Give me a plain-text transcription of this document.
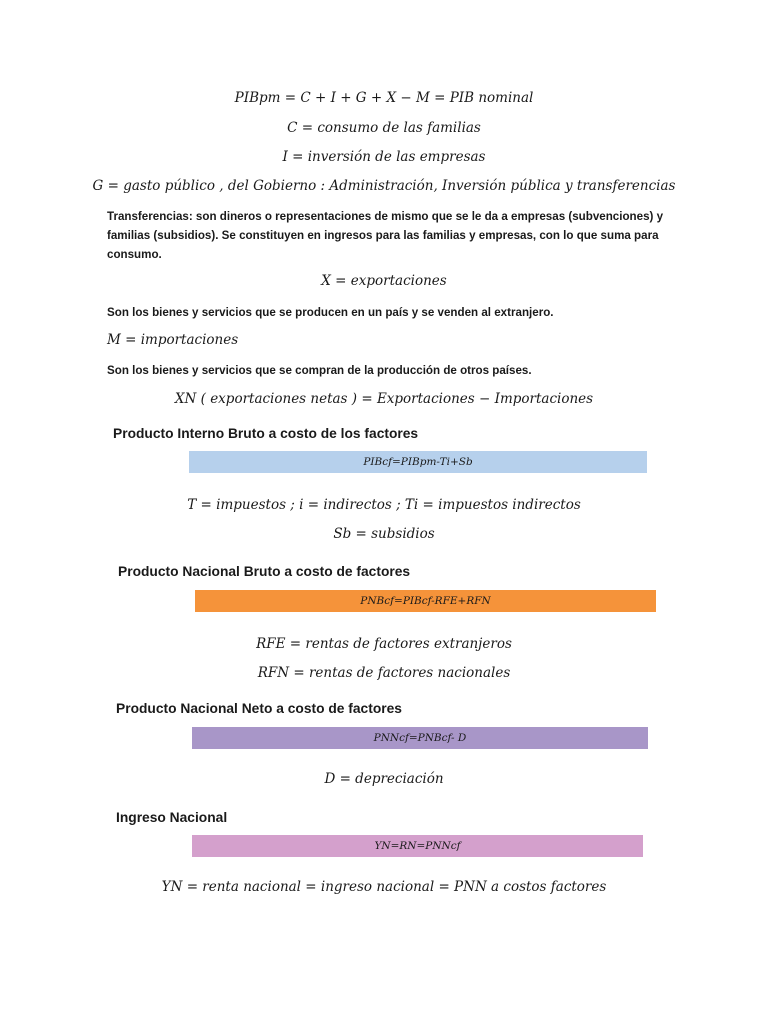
PIBpm = C + I + G + X − M = PIB nominal
C = consumo de las familias
I = inversión de las empresas
G = gasto público , del Gobierno : Administración, Inversión pública y transferencias
Transferencias: son dineros o representaciones de mismo que se le da a empresas (subvenciones) y familias (subsidios). Se constituyen en ingresos para las familias y empresas, con lo que suma para consumo.
X = exportaciones
Son los bienes y servicios que se producen en un país y se venden al extranjero.
M = importaciones
Son los bienes y servicios que se compran de la producción de otros países.
XN ( exportaciones netas ) = Exportaciones − Importaciones
Producto Interno Bruto a costo de los factores
PIBcf=PIBpm-Ti+Sb
T = impuestos ; i = indirectos ; Ti = impuestos indirectos
Sb = subsidios
Producto Nacional Bruto a costo de factores
PNBcf=PIBcf-RFE+RFN
RFE = rentas de factores extranjeros
RFN = rentas de factores nacionales
Producto Nacional Neto a costo de factores
PNNcf=PNBcf- D
D = depreciación
Ingreso Nacional
YN=RN=PNNcf
YN = renta nacional = ingreso nacional = PNN a costos factores
